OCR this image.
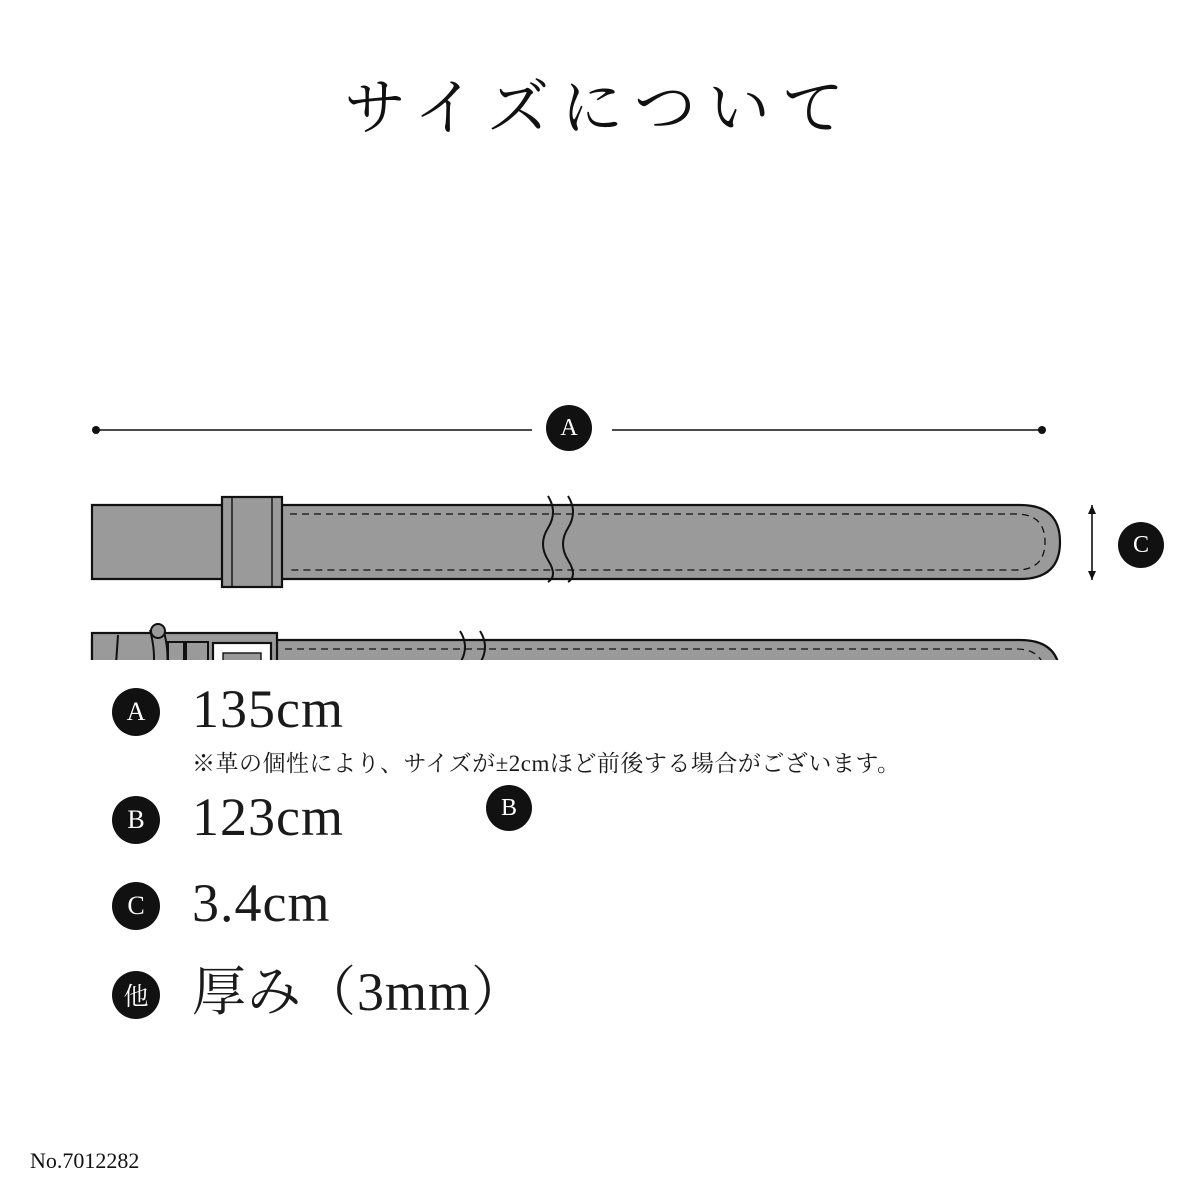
サイズについて
A
C
B
A 135cm
※革の個性により、サイズが±2cmほど前後する場合がございます。
B 123cm
C 3.4cm
他 厚み（3mm）
No.7012282
